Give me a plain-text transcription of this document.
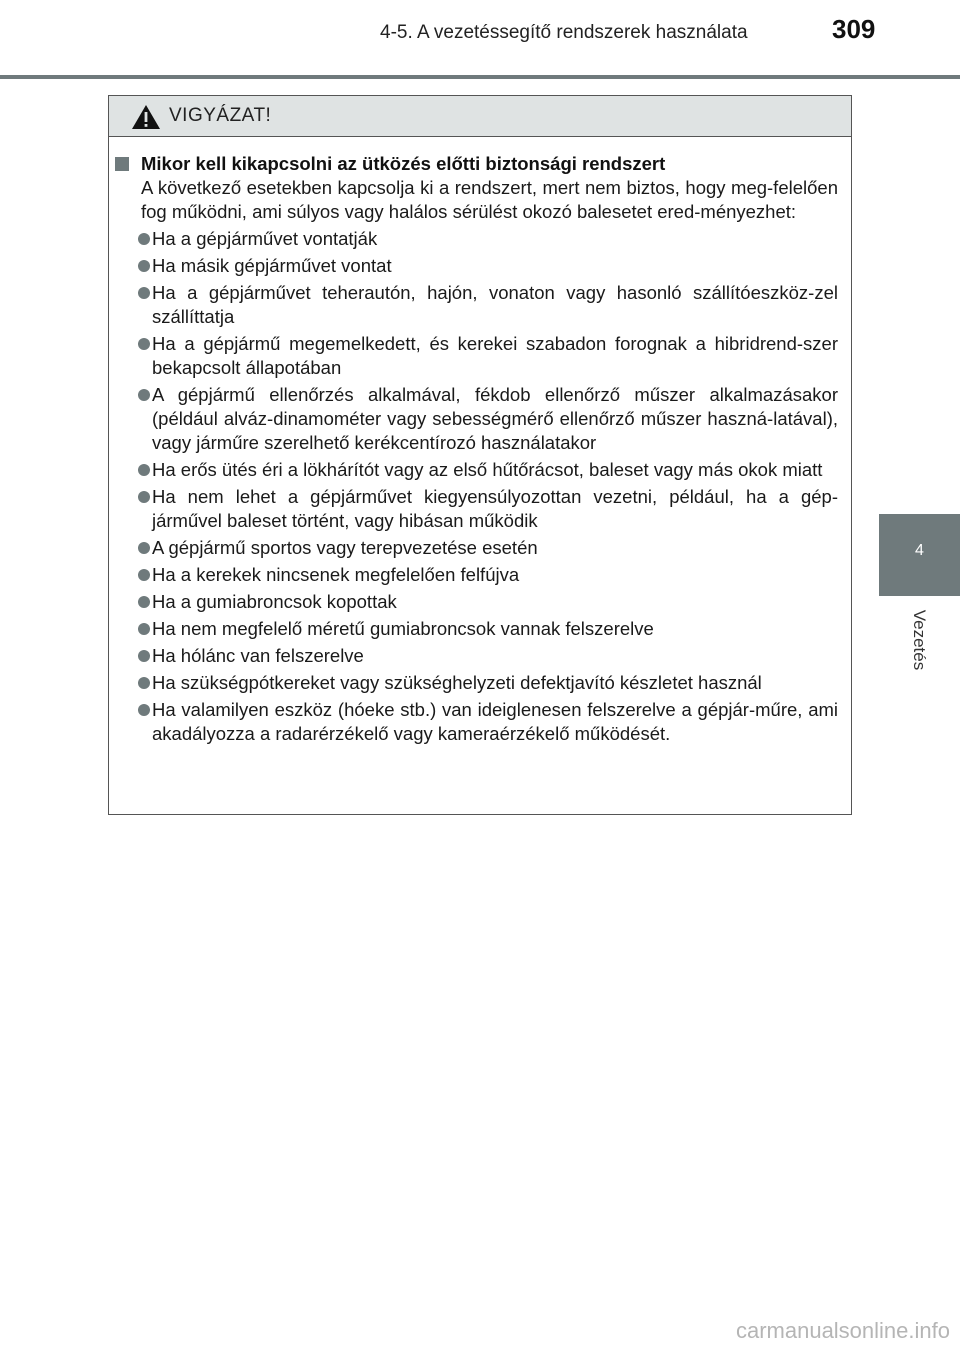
4-5. A vezetéssegítő rendszerek használata	309
4
Vezetés
VIGYÁZAT!
Mikor kell kikapcsolni az ütközés előtti biztonsági rendszert
A következő esetekben kapcsolja ki a rendszert, mert nem biztos, hogy meg-felelően fog működni, ami súlyos vagy halálos sérülést okozó balesetet ered-ményezhet:
Ha a gépjárművet vontatják
Ha másik gépjárművet vontat
Ha a gépjárművet teherautón, hajón, vonaton vagy hasonló szállítóeszköz-zel szállíttatja
Ha a gépjármű megemelkedett, és kerekei szabadon forognak a hibridrend-szer bekapcsolt állapotában
A gépjármű ellenőrzés alkalmával, fékdob ellenőrző műszer alkalmazásakor (például alváz-dinamométer vagy sebességmérő ellenőrző műszer haszná-latával), vagy járműre szerelhető kerékcentírozó használatakor
Ha erős ütés éri a lökhárítót vagy az első hűtőrácsot, baleset vagy más okok miatt
Ha nem lehet a gépjárművet kiegyensúlyozottan vezetni, például, ha a gép-járművel baleset történt, vagy hibásan működik
A gépjármű sportos vagy terepvezetése esetén
Ha a kerekek nincsenek megfelelően felfújva
Ha a gumiabroncsok kopottak
Ha nem megfelelő méretű gumiabroncsok vannak felszerelve
Ha hólánc van felszerelve
Ha szükségpótkereket vagy szükséghelyzeti defektjavító készletet használ
Ha valamilyen eszköz (hóeke stb.) van ideiglenesen felszerelve a gépjár-műre, ami akadályozza a radarérzékelő vagy kameraérzékelő működését.
carmanualsonline.info
